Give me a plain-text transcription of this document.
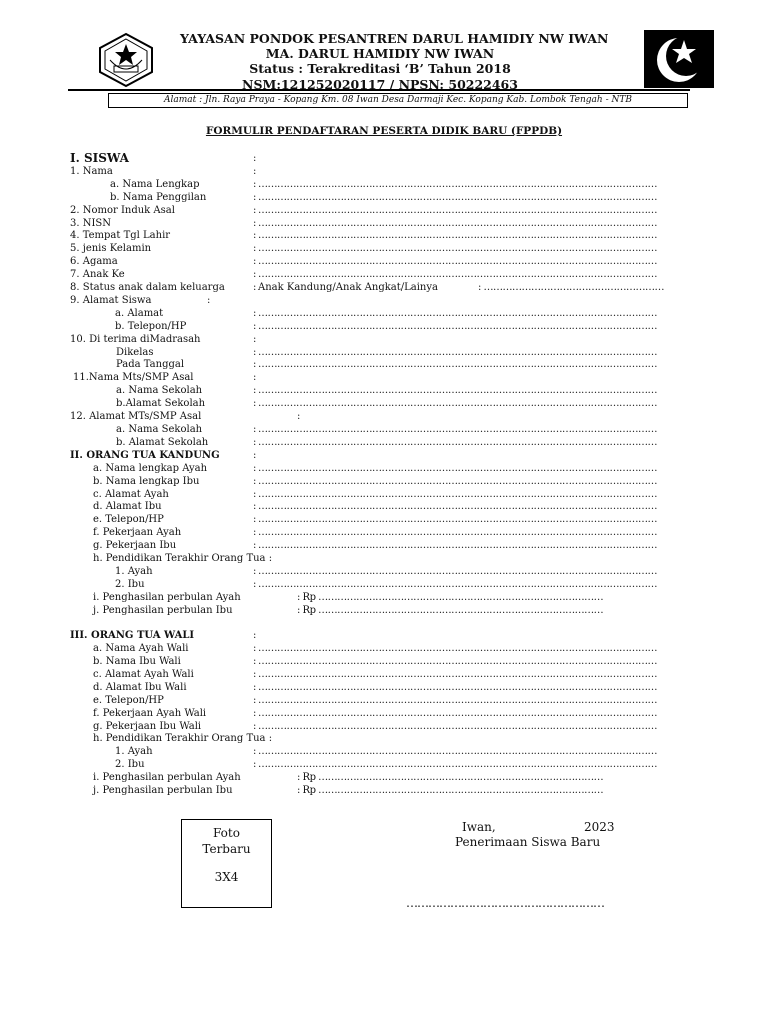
YAYASAN PONDOK PESANTREN DARUL HAMIDIY NW IWAN
MA. DARUL HAMIDIY NW IWAN
Status : Terakreditasi ‘B’ Tahun 2018
NSM:121252020117 / NPSN: 50222463
Alamat : Jln. Raya Praya - Kopang Km. 08 Iwan Desa Darmaji Kec. Kopang Kab. Lombok Tengah - NTB
FORMULIR PENDAFTARAN PESERTA DIDIK BARU (FPPDB)
I. SISWA	:
1. Nama	:
a. Nama Lengkap	: ………………………………………………………………………………………………………………
b. Nama Penggilan	: ………………………………………………………………………………………………………………
2. Nomor Induk Asal	: ………………………………………………………………………………………………………………
3. NISN	: ………………………………………………………………………………………………………………
4. Tempat Tgl Lahir	: ………………………………………………………………………………………………………………
5. jenis Kelamin	: ………………………………………………………………………………………………………………
6. Agama	: ………………………………………………………………………………………………………………
7. Anak Ke	: ………………………………………………………………………………………………………………
8. Status anak dalam keluarga	: Anak Kandung/Anak Angkat/Lainya	: …………………………………………………
9. Alamat Siswa	:
a. Alamat	: ………………………………………………………………………………………………………………
b. Telepon/HP	: ………………………………………………………………………………………………………………
10. Di terima diMadrasah	:
Dikelas	: ………………………………………………………………………………………………………………
Pada Tanggal	: ………………………………………………………………………………………………………………
11.Nama Mts/SMP Asal	:
a. Nama Sekolah	: ………………………………………………………………………………………………………………
b.Alamat Sekolah	: ………………………………………………………………………………………………………………
12. Alamat MTs/SMP Asal	:
a. Nama Sekolah	: ………………………………………………………………………………………………………………
b. Alamat Sekolah	: ………………………………………………………………………………………………………………
II. ORANG TUA KANDUNG	:
a. Nama lengkap Ayah	: ………………………………………………………………………………………………………………
b. Nama lengkap Ibu	: ………………………………………………………………………………………………………………
c. Alamat Ayah	: ………………………………………………………………………………………………………………
d. Alamat Ibu	: ………………………………………………………………………………………………………………
e. Telepon/HP	: ………………………………………………………………………………………………………………
f. Pekerjaan Ayah	: ………………………………………………………………………………………………………………
g. Pekerjaan Ibu	: ………………………………………………………………………………………………………………
h. Pendidikan Terakhir Orang Tua :
1. Ayah	: ………………………………………………………………………………………………………………
2. Ibu	: ………………………………………………………………………………………………………………
i. Penghasilan perbulan Ayah	: Rp ………………………………………………………………………………
j. Penghasilan perbulan Ibu	: Rp ………………………………………………………………………………
III. ORANG TUA WALI	:
a. Nama Ayah Wali	: ………………………………………………………………………………………………………………
b. Nama Ibu Wali	: ………………………………………………………………………………………………………………
c. Alamat Ayah Wali	: ………………………………………………………………………………………………………………
d. Alamat Ibu Wali	: ………………………………………………………………………………………………………………
e. Telepon/HP	: ………………………………………………………………………………………………………………
f. Pekerjaan Ayah Wali	: ………………………………………………………………………………………………………………
g. Pekerjaan Ibu Wali	: ………………………………………………………………………………………………………………
h. Pendidikan Terakhir Orang Tua :
1. Ayah	: ………………………………………………………………………………………………………………
2. Ibu	: ………………………………………………………………………………………………………………
i. Penghasilan perbulan Ayah	: Rp ………………………………………………………………………………
j. Penghasilan perbulan Ibu	: Rp ………………………………………………………………………………
Foto
Terbaru
3X4
Iwan,	2023
Penerimaan Siswa Baru
………………………………………………
